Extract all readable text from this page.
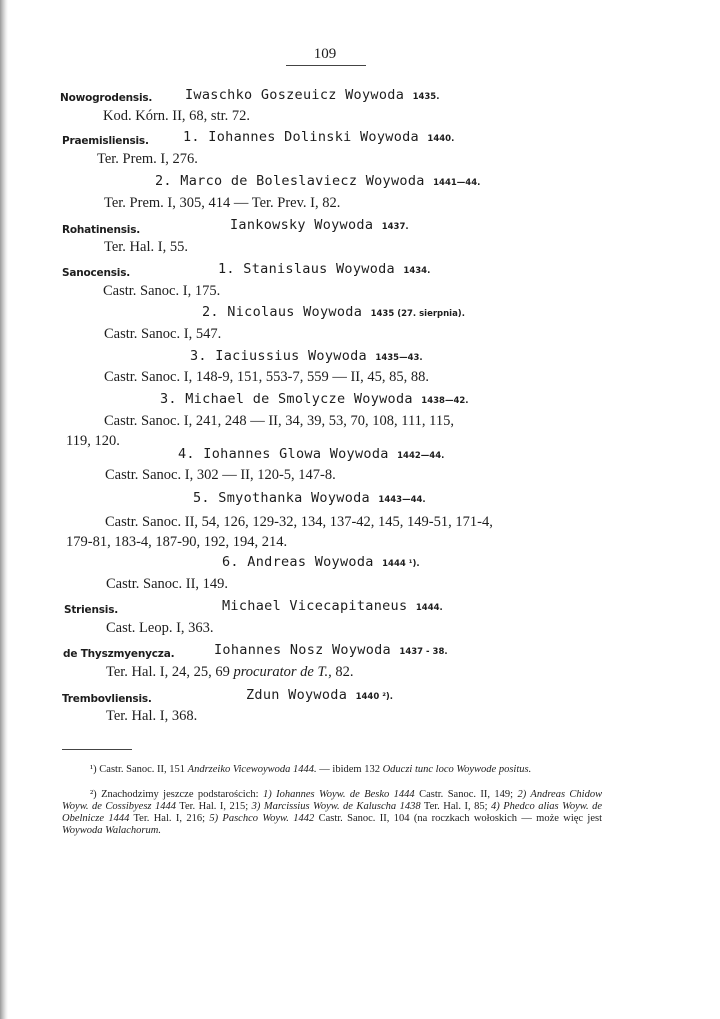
109
Nowogrodensis. Iwaschko Goszeuicz Woywoda 1435.
Kod. Kórn. II, 68, str. 72.
Praemisliensis.	1. Iohannes Dolinski Woywoda 1440.
Ter. Prem. I, 276.
2. Marco de Boleslaviecz Woywoda 1441—44.
Ter. Prem. I, 305, 414 — Ter. Prev. I, 82.
Rohatinensis.	Iankowsky Woywoda 1437.
Ter. Hal. I, 55.
Sanocensis.	1. Stanislaus Woywoda 1434.
Castr. Sanoc. I, 175.
2. Nicolaus Woywoda 1435 (27. sierpnia).
Castr. Sanoc. I, 547.
3. Iaciussius Woywoda 1435—43.
Castr. Sanoc. I, 148-9, 151, 553-7, 559 — II, 45, 85, 88.
3. Michael de Smolycze Woywoda 1438—42.
Castr. Sanoc. I, 241, 248 — II, 34, 39, 53, 70, 108, 111, 115,
119, 120.
4. Iohannes Glowa Woywoda 1442—44.
Castr. Sanoc. I, 302 — II, 120-5, 147-8.
5. Smyothanka Woywoda 1443—44.
Castr. Sanoc. II, 54, 126, 129-32, 134, 137-42, 145, 149-51, 171-4,
179-81, 183-4, 187-90, 192, 194, 214.
6. Andreas Woywoda 1444 ¹).
Castr. Sanoc. II, 149.
Striensis.	Michael Vicecapitaneus 1444.
Cast. Leop. I, 363.
de Thyszmyenycza.	Iohannes Nosz Woywoda 1437 - 38.
Ter. Hal. I, 24, 25, 69 procurator de T., 82.
Trembovliensis.	Zdun Woywoda 1440 ²).
Ter. Hal. I, 368.

¹) Castr. Sanoc. II, 151 Andrzeiko Vicewoywoda 1444. — ibidem 132 Oduczi tunc loco Woywode positus.

²) Znachodzimy jeszcze podstarościch: 1) Iohannes Woyw. de Besko 1444 Castr. Sanoc. II, 149; 2) Andreas Chidow Woyw. de Cossibyesz 1444 Ter. Hal. I, 215; 3) Marcissius Woyw. de Kaluscha 1438 Ter. Hal. I, 85; 4) Phedco alias Woyw. de Obelnicze 1444 Ter. Hal. I, 216; 5) Paschco Woyw. 1442 Castr. Sanoc. II, 104 (na roczkach wołoskich — może więc jest Woywoda Walachorum.
